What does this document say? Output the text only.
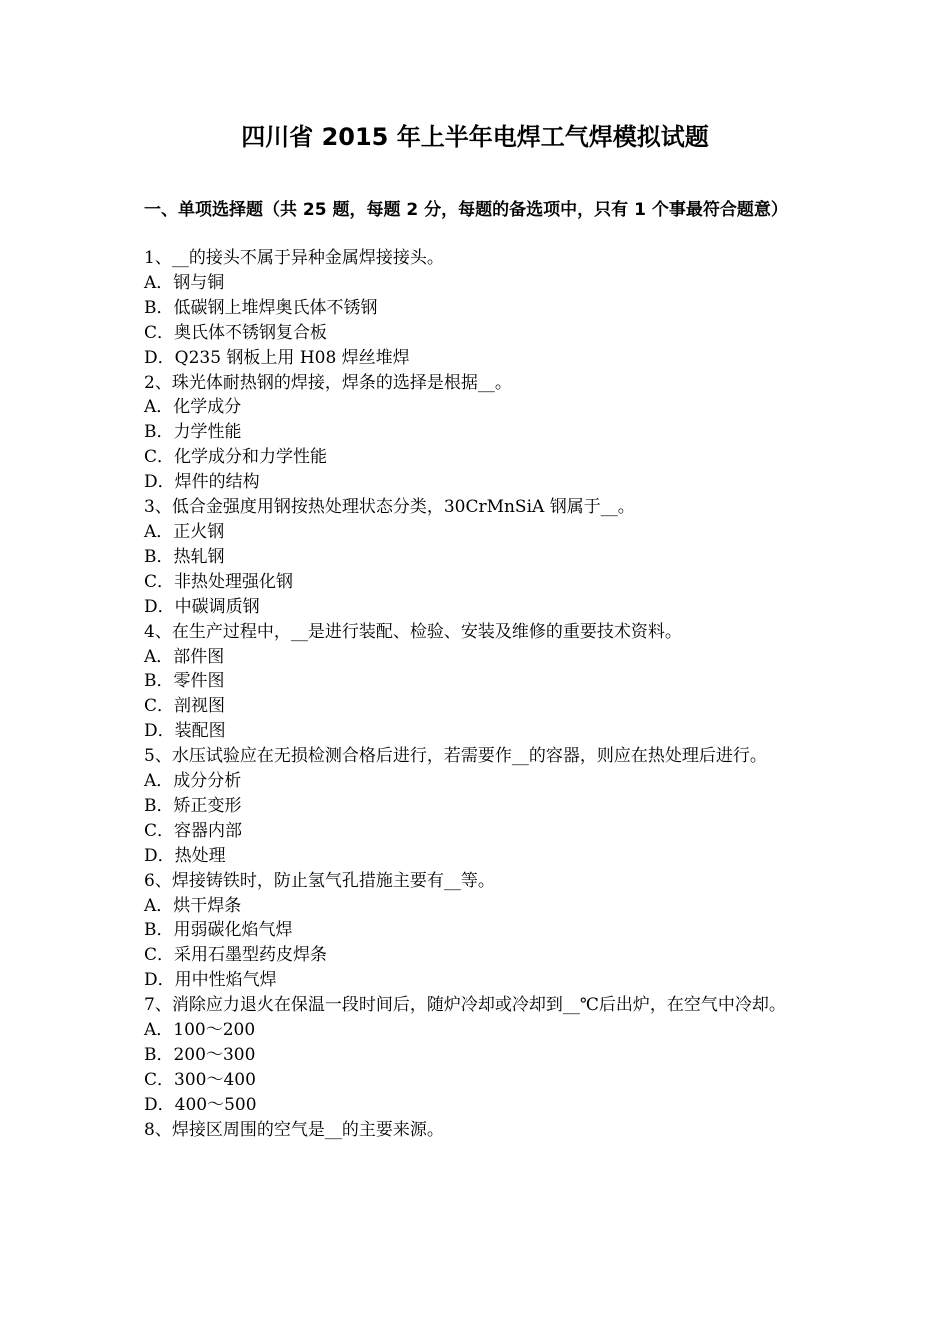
四川省 2015 年上半年电焊工气焊模拟试题

一、单项选择题（共 25 题，每题 2 分，每题的备选项中，只有 1 个事最符合题意）

1、__的接头不属于异种金属焊接接头。

A．钢与铜

B．低碳钢上堆焊奥氏体不锈钢

C．奥氏体不锈钢复合板

D．Q235 钢板上用 H08 焊丝堆焊

2、珠光体耐热钢的焊接，焊条的选择是根据__。

A．化学成分

B．力学性能

C．化学成分和力学性能

D．焊件的结构

3、低合金强度用钢按热处理状态分类，30CrMnSiA 钢属于__。

A．正火钢

B．热轧钢

C．非热处理强化钢

D．中碳调质钢

4、在生产过程中，__是进行装配、检验、安装及维修的重要技术资料。

A．部件图

B．零件图

C．剖视图

D．装配图

5、水压试验应在无损检测合格后进行，若需要作__的容器，则应在热处理后进行。

A．成分分析

B．矫正变形

C．容器内部

D．热处理

6、焊接铸铁时，防止氢气孔措施主要有__等。

A．烘干焊条

B．用弱碳化焰气焊

C．采用石墨型药皮焊条

D．用中性焰气焊

7、消除应力退火在保温一段时间后，随炉冷却或冷却到__℃后出炉，在空气中冷却。

A．100～200

B．200～300

C．300～400

D．400～500

8、焊接区周围的空气是__的主要来源。
